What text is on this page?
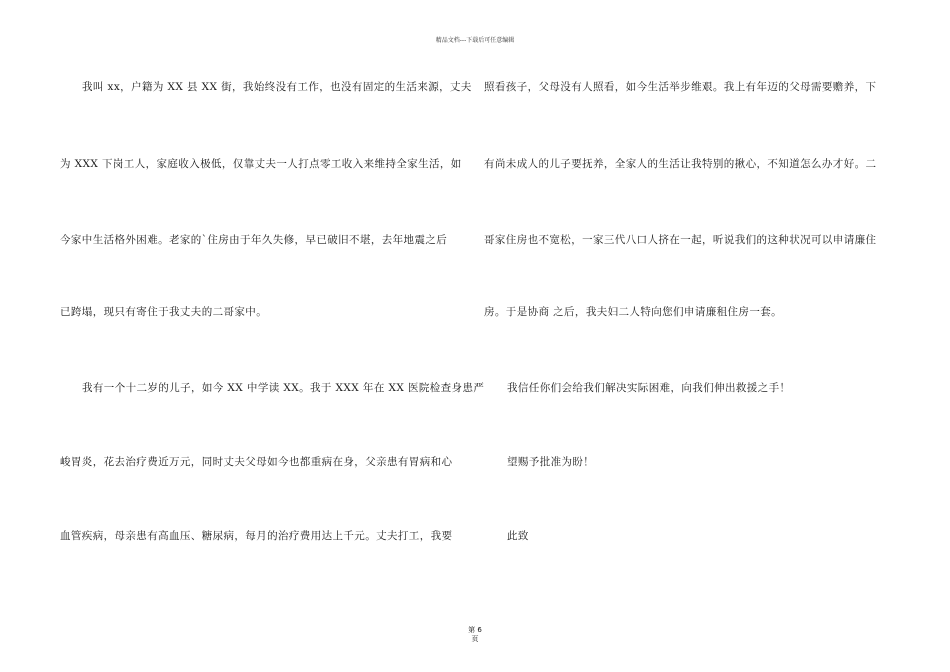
精品文档---下载后可任意编辑
我叫 xx，户籍为 XX 县 XX 街，我始终没有工作，也没有固定的生活来源，丈夫
为 XXX 下岗工人，家庭收入极低，仅靠丈夫一人打点零工收入来维持全家生活，如
今家中生活格外困难。老家的`住房由于年久失修，早已破旧不堪，去年地震之后
已跨塌，现只有寄住于我丈夫的二哥家中。
我有一个十二岁的儿子，如今 XX 中学读 XX。我于 XXX 年在 XX 医院检查身患严
峻胃炎，花去治疗费近万元，同时丈夫父母如今也都重病在身，父亲患有胃病和心
血管疾病，母亲患有高血压、糖尿病，每月的治疗费用达上千元。丈夫打工，我要
照看孩子，父母没有人照看，如今生活举步维艰。我上有年迈的父母需要赡养，下
有尚未成人的儿子要抚养，全家人的生活让我特别的揪心，不知道怎么办才好。二
哥家住房也不宽松，一家三代八口人挤在一起，听说我们的这种状况可以申请廉住
房。于是协商 之后，我夫妇二人特向您们申请廉租住房一套。
我信任你们会给我们解决实际困难，向我们伸出救援之手！
望赐予批准为盼！
此致
第 6
页
